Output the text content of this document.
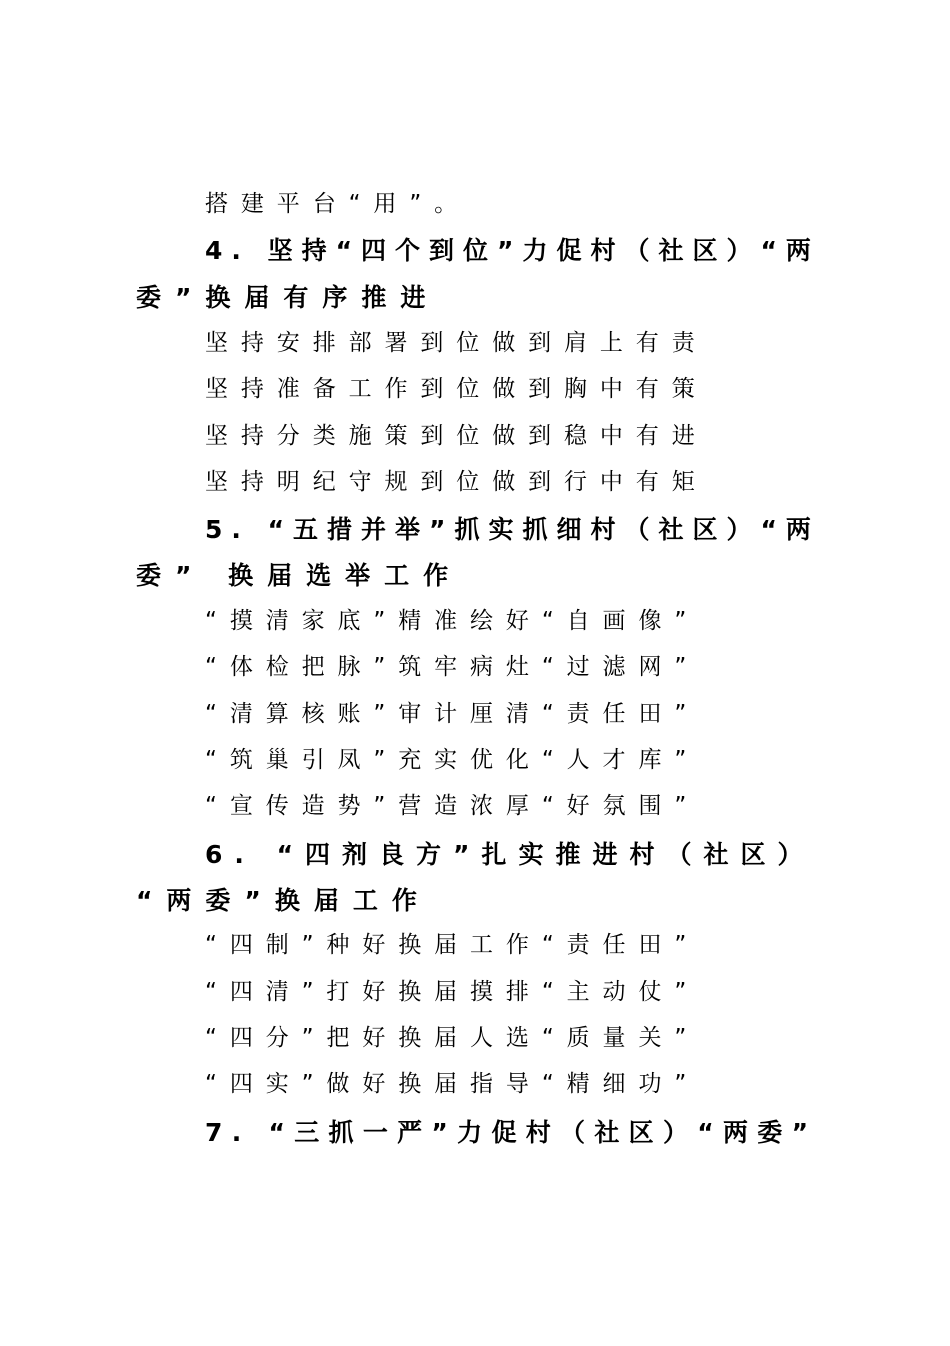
搭建平台“用”。

4. 坚持“四个到位”力促村（社区）“两

委”换届有序推进

坚持安排部署到位做到肩上有责

坚持准备工作到位做到胸中有策

坚持分类施策到位做到稳中有进

坚持明纪守规到位做到行中有矩

5. “五措并举”抓实抓细村（社区）“两

委” 换届选举工作

“摸清家底”精准绘好“自画像”

“体检把脉”筑牢病灶“过滤网”

“清算核账”审计厘清“责任田”

“筑巢引凤”充实优化“人才库”

“宣传造势”营造浓厚“好氛围”

6. “四剂良方”扎实推进村（社区）

“两委”换届工作

“四制”种好换届工作“责任田”

“四清”打好换届摸排“主动仗”

“四分”把好换届人选“质量关”

“四实”做好换届指导“精细功”

7. “三抓一严”力促村（社区）“两委”
